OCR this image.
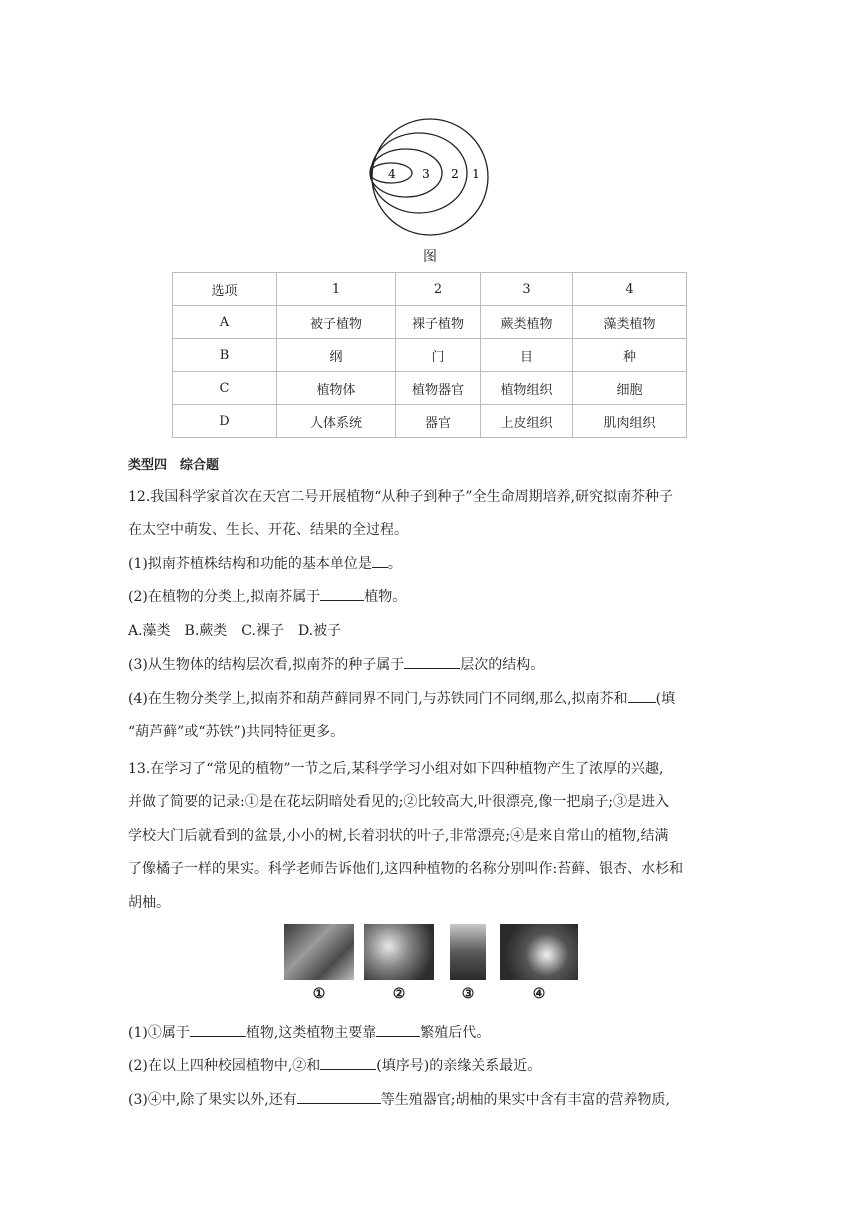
4 3 2 1
图
选项	1	2	3	4
A	被子植物	裸子植物	蕨类植物	藻类植物
B	纲	门	目	种
C	植物体	植物器官	植物组织	细胞
D	人体系统	器官	上皮组织	肌肉组织
类型四　综合题
12.我国科学家首次在天宫二号开展植物“从种子到种子”全生命周期培养,研究拟南芥种子
在太空中萌发、生长、开花、结果的全过程。
(1)拟南芥植株结构和功能的基本单位是 。
(2)在植物的分类上,拟南芥属于	植物。
A.藻类　B.蕨类　C.裸子　D.被子
(3)从生物体的结构层次看,拟南芥的种子属于	层次的结构。
(4)在生物分类学上,拟南芥和葫芦藓同界不同门,与苏铁同门不同纲,那么,拟南芥和 (填
“葫芦藓”或“苏铁”)共同特征更多。
13.在学习了“常见的植物”一节之后,某科学学习小组对如下四种植物产生了浓厚的兴趣,
并做了简要的记录:①是在花坛阴暗处看见的;②比较高大,叶很漂亮,像一把扇子;③是进入
学校大门后就看到的盆景,小小的树,长着羽状的叶子,非常漂亮;④是来自常山的植物,结满
了像橘子一样的果实。科学老师告诉他们,这四种植物的名称分别叫作:苔藓、银杏、水杉和
胡柚。
①	②	③	④
(1)①属于	植物,这类植物主要靠	繁殖后代。
(2)在以上四种校园植物中,②和	(填序号)的亲缘关系最近。
(3)④中,除了果实以外,还有	等生殖器官;胡柚的果实中含有丰富的营养物质,
